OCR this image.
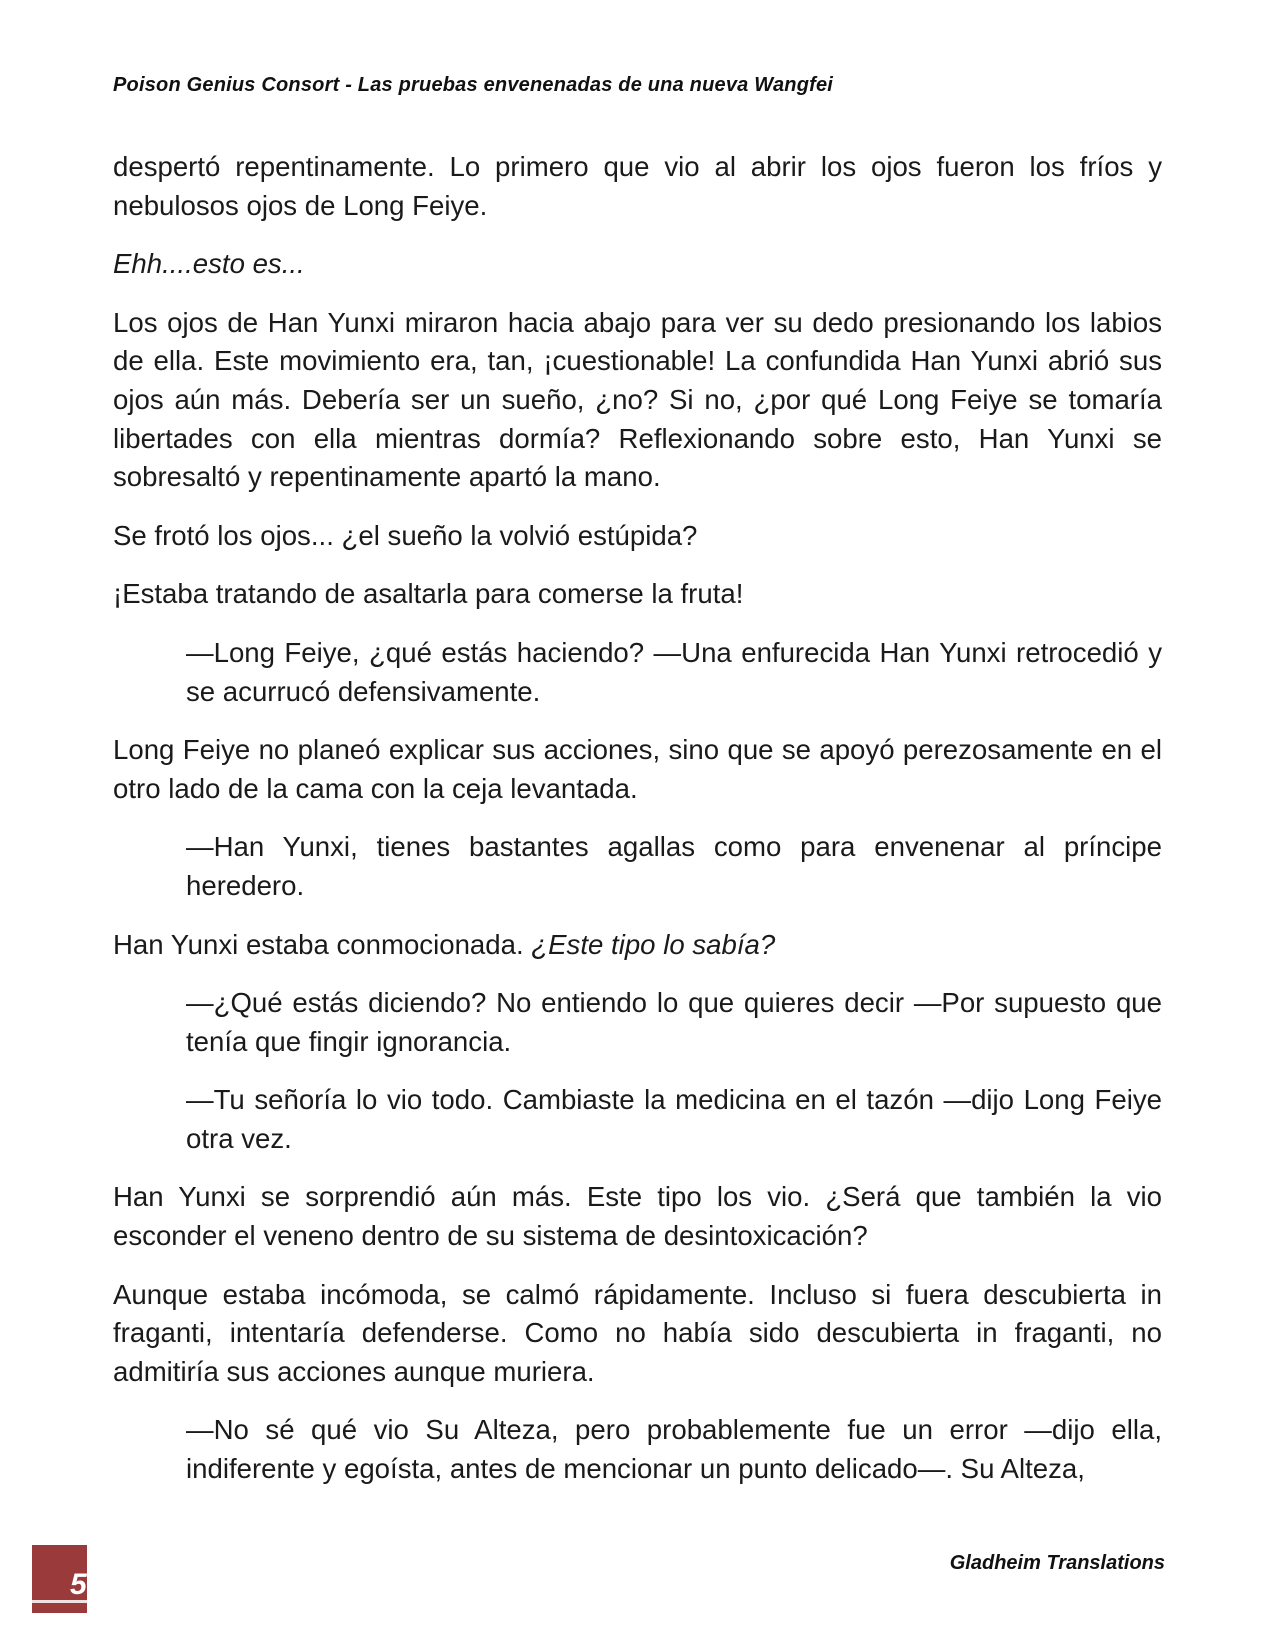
Poison Genius Consort - Las pruebas envenenadas de una nueva Wangfei

despertó repentinamente. Lo primero que vio al abrir los ojos fueron los fríos y nebulosos ojos de Long Feiye.

Ehh....esto es...

Los ojos de Han Yunxi miraron hacia abajo para ver su dedo presionando los labios de ella. Este movimiento era, tan, ¡cuestionable! La confundida Han Yunxi abrió sus ojos aún más. Debería ser un sueño, ¿no? Si no, ¿por qué Long Feiye se tomaría libertades con ella mientras dormía? Reflexionando sobre esto, Han Yunxi se sobresaltó y repentinamente apartó la mano.

Se frotó los ojos... ¿el sueño la volvió estúpida?

¡Estaba tratando de asaltarla para comerse la fruta!

—Long Feiye, ¿qué estás haciendo? —Una enfurecida Han Yunxi retrocedió y se acurrucó defensivamente.

Long Feiye no planeó explicar sus acciones, sino que se apoyó perezosamente en el otro lado de la cama con la ceja levantada.

—Han Yunxi, tienes bastantes agallas como para envenenar al príncipe heredero.

Han Yunxi estaba conmocionada. ¿Este tipo lo sabía?

—¿Qué estás diciendo? No entiendo lo que quieres decir —Por supuesto que tenía que fingir ignorancia.

—Tu señoría lo vio todo. Cambiaste la medicina en el tazón —dijo Long Feiye otra vez.

Han Yunxi se sorprendió aún más. Este tipo los vio. ¿Será que también la vio esconder el veneno dentro de su sistema de desintoxicación?

Aunque estaba incómoda, se calmó rápidamente. Incluso si fuera descubierta in fraganti, intentaría defenderse. Como no había sido descubierta in fraganti, no admitiría sus acciones aunque muriera.

—No sé qué vio Su Alteza, pero probablemente fue un error —dijo ella, indiferente y egoísta, antes de mencionar un punto delicado—. Su Alteza,

5
Gladheim Translations
